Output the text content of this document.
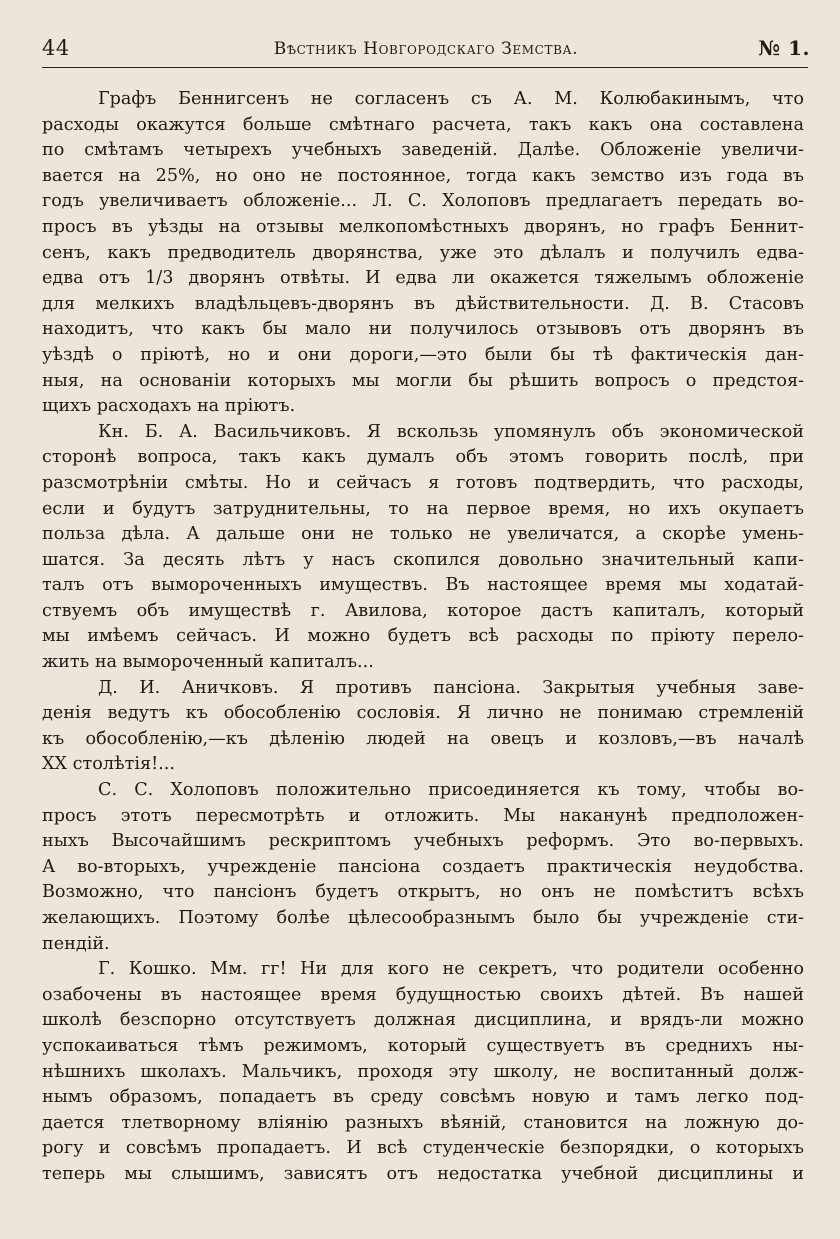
44	Вѣстникъ Новгородскаго Земства.	№ 1.
Графъ Беннигсенъ не согласенъ съ А. М. Колюбакинымъ, что
расходы окажутся больше смѣтнаго расчета, такъ какъ она составлена
по смѣтамъ четырехъ учебныхъ заведеній. Далѣе. Обложеніе увеличи-
вается на 25%, но оно не постоянное, тогда какъ земство изъ года въ
годъ увеличиваетъ обложеніе... Л. С. Холоповъ предлагаетъ передать во-
просъ въ уѣзды на отзывы мелкопомѣстныхъ дворянъ, но графъ Беннит-
сенъ, какъ предводитель дворянства, уже это дѣлалъ и получилъ едва-
едва отъ 1/3 дворянъ отвѣты. И едва ли окажется тяжелымъ обложеніе
для мелкихъ владѣльцевъ-дворянъ въ дѣйствительности. Д. В. Стасовъ
находитъ, что какъ бы мало ни получилось отзывовъ отъ дворянъ въ
уѣздѣ о пріютѣ, но и они дороги,—это были бы тѣ фактическія дан-
ныя, на основаніи которыхъ мы могли бы рѣшить вопросъ о предстоя-
щихъ расходахъ на пріютъ.
Кн. Б. А. Васильчиковъ. Я вскользь упомянулъ объ экономической
сторонѣ вопроса, такъ какъ думалъ объ этомъ говорить послѣ, при
разсмотрѣніи смѣты. Но и сейчасъ я готовъ подтвердить, что расходы,
если и будутъ затруднительны, то на первое время, но ихъ окупаетъ
польза дѣла. А дальше они не только не увеличатся, а скорѣе умень-
шатся. За десять лѣтъ у насъ скопился довольно значительный капи-
талъ отъ вымороченныхъ имуществъ. Въ настоящее время мы ходатай-
ствуемъ объ имуществѣ г. Авилова, которое дастъ капиталъ, который
мы имѣемъ сейчасъ. И можно будетъ всѣ расходы по пріюту перело-
жить на вымороченный капиталъ...
Д. И. Аничковъ. Я противъ пансіона. Закрытыя учебныя заве-
денія ведутъ къ обособленію сословія. Я лично не понимаю стремленій
къ обособленію,—къ дѣленію людей на овецъ и козловъ,—въ началѣ
XX столѣтія!...
С. С. Холоповъ положительно присоединяется къ тому, чтобы во-
просъ этотъ пересмотрѣть и отложить. Мы наканунѣ предположен-
ныхъ Высочайшимъ рескриптомъ учебныхъ реформъ. Это во-первыхъ.
А во-вторыхъ, учрежденіе пансіона создаетъ практическія неудобства.
Возможно, что пансіонъ будетъ открытъ, но онъ не помѣститъ всѣхъ
желающихъ. Поэтому болѣе цѣлесообразнымъ было бы учрежденіе сти-
пендій.
Г. Кошко. Мм. гг! Ни для кого не секретъ, что родители особенно
озабочены въ настоящее время будущностью своихъ дѣтей. Въ нашей
школѣ безспорно отсутствуетъ должная дисциплина, и врядъ-ли можно
успокаиваться тѣмъ режимомъ, который существуетъ въ среднихъ ны-
нѣшнихъ школахъ. Мальчикъ, проходя эту школу, не воспитанный долж-
нымъ образомъ, попадаетъ въ среду совсѣмъ новую и тамъ легко под-
дается тлетворному вліянію разныхъ вѣяній, становится на ложную до-
рогу и совсѣмъ пропадаетъ. И всѣ студенческіе безпорядки, о которыхъ
теперь мы слышимъ, зависятъ отъ недостатка учебной дисциплины и
